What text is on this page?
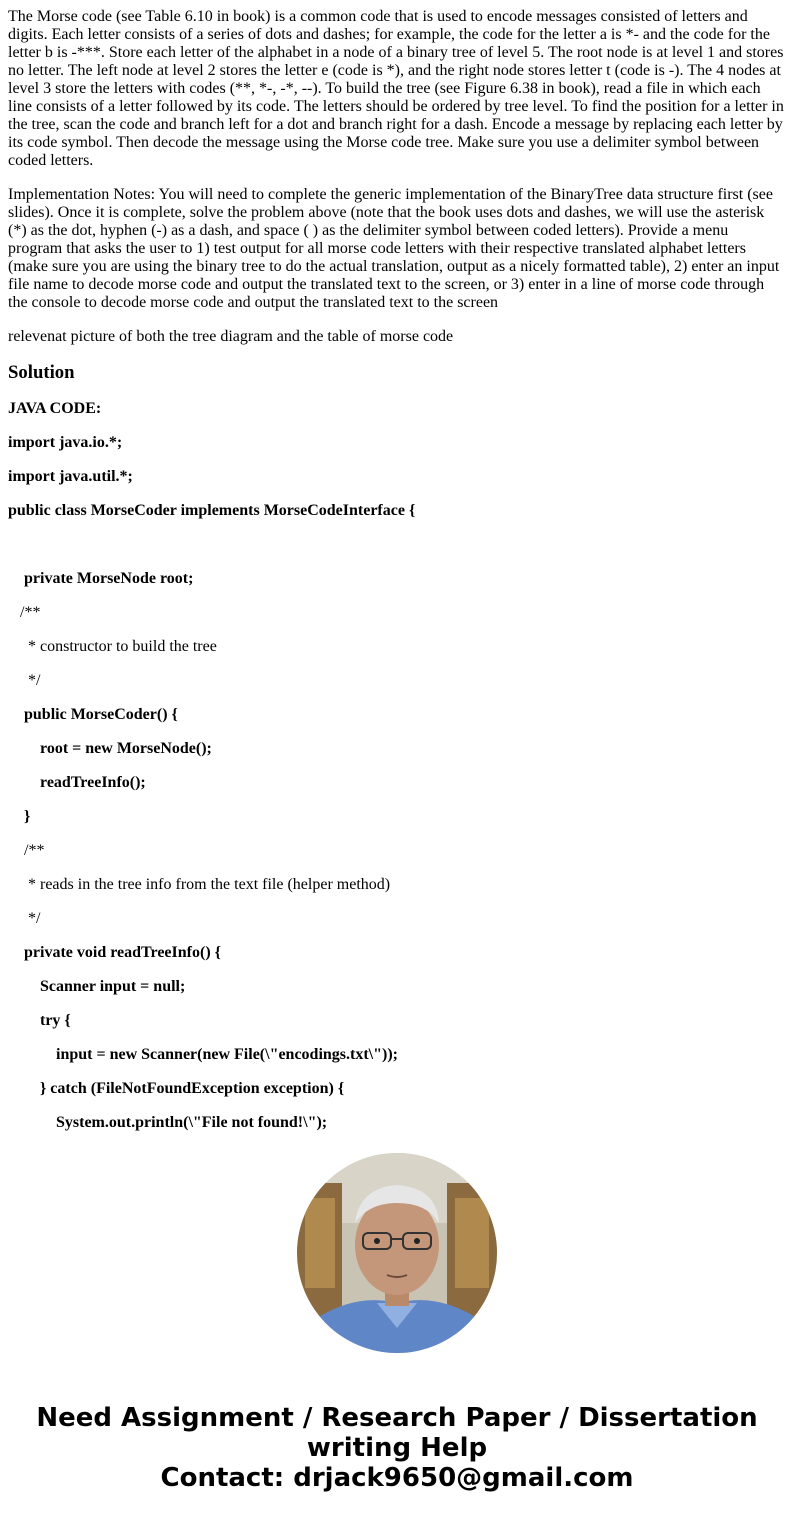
The Morse code (see Table 6.10 in book) is a common code that is used to encode messages consisted of letters and digits. Each letter consists of a series of dots and dashes; for example, the code for the letter a is *- and the code for the letter b is -***. Store each letter of the alphabet in a node of a binary tree of level 5. The root node is at level 1 and stores no letter. The left node at level 2 stores the letter e (code is *), and the right node stores letter t (code is -). The 4 nodes at level 3 store the letters with codes (**, *-, -*, --). To build the tree (see Figure 6.38 in book), read a file in which each line consists of a letter followed by its code. The letters should be ordered by tree level. To find the position for a letter in the tree, scan the code and branch left for a dot and branch right for a dash. Encode a message by replacing each letter by its code symbol. Then decode the message using the Morse code tree. Make sure you use a delimiter symbol between coded letters.

Implementation Notes: You will need to complete the generic implementation of the BinaryTree data structure first (see slides). Once it is complete, solve the problem above (note that the book uses dots and dashes, we will use the asterisk (*) as the dot, hyphen (-) as a dash, and space ( ) as the delimiter symbol between coded letters). Provide a menu program that asks the user to 1) test output for all morse code letters with their respective translated alphabet letters (make sure you are using the binary tree to do the actual translation, output as a nicely formatted table), 2) enter an input file name to decode morse code and output the translated text to the screen, or 3) enter in a line of morse code through the console to decode morse code and output the translated text to the screen

relevenat picture of both the tree diagram and the table of morse code

Solution

JAVA CODE:

import java.io.*;

import java.util.*;

public class MorseCoder implements MorseCodeInterface {

private MorseNode root;

/**

* constructor to build the tree

*/

public MorseCoder() {

root = new MorseNode();

readTreeInfo();

}

/**

* reads in the tree info from the text file (helper method)

*/

private void readTreeInfo() {

Scanner input = null;

try {

input = new Scanner(new File(\"encodings.txt\"));

} catch (FileNotFoundException exception) {

System.out.println(\"File not found!\");

Need Assignment / Research Paper / Dissertation
writing Help
Contact: drjack9650@gmail.com
